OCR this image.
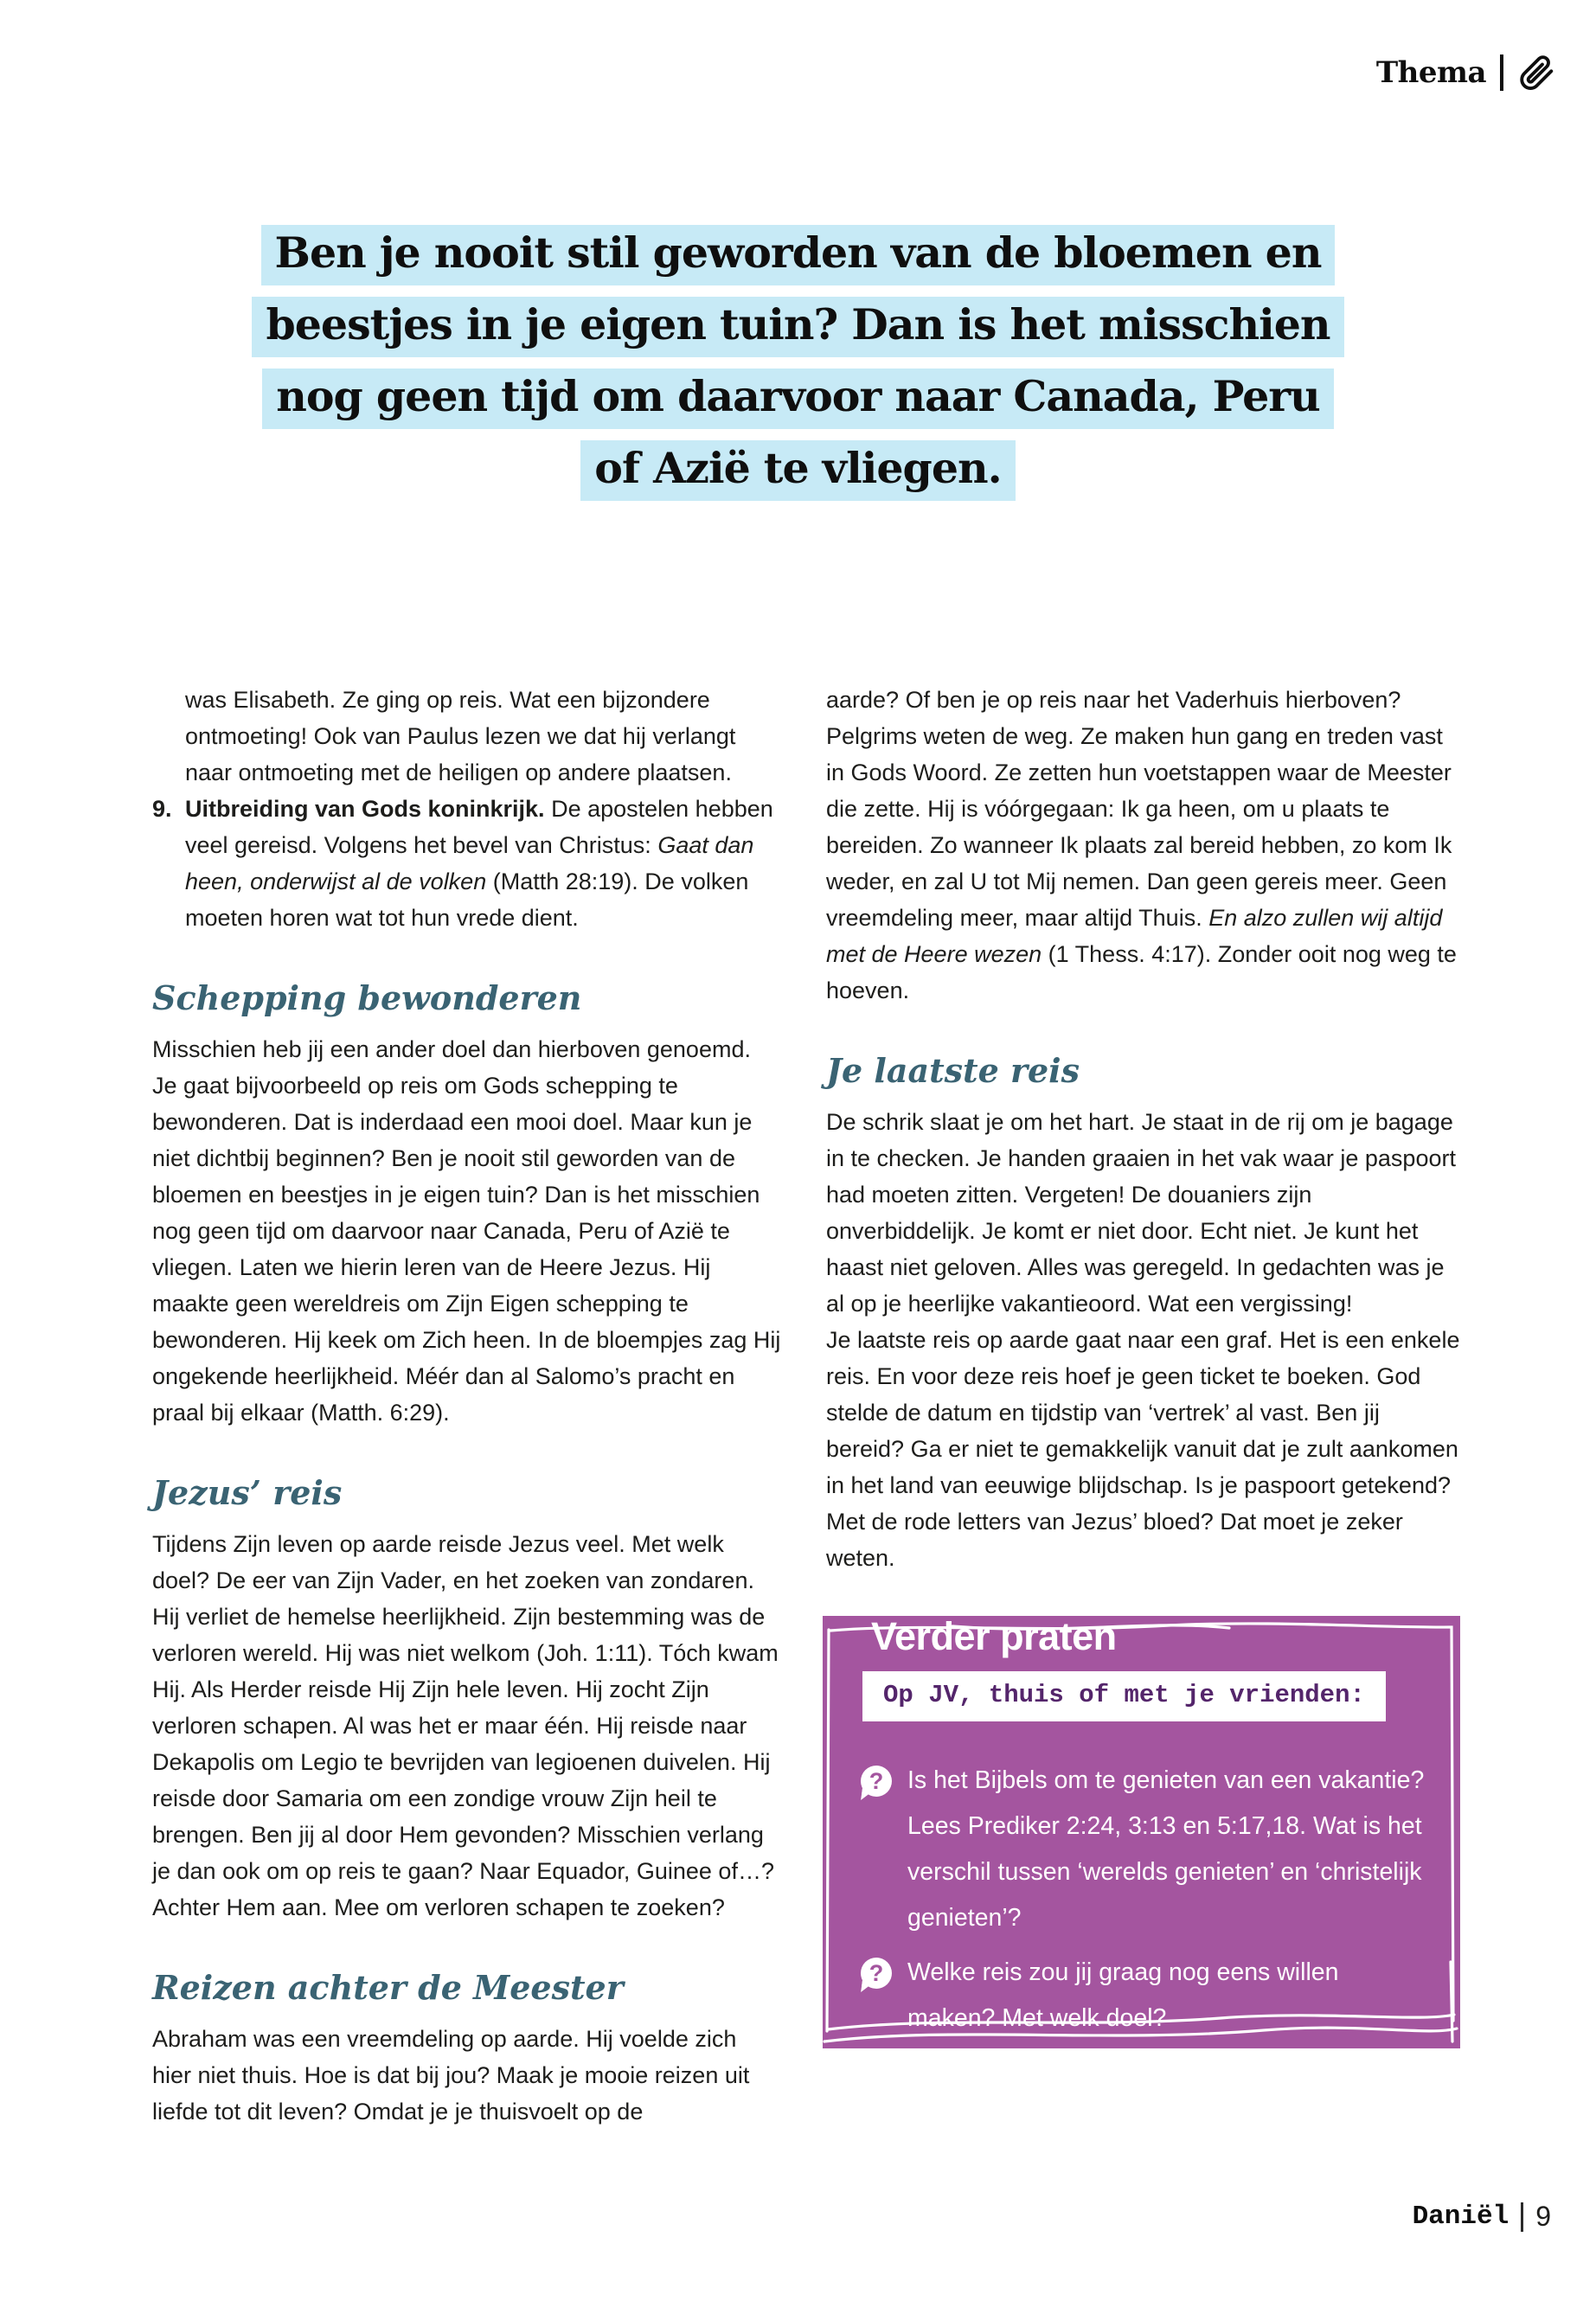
Thema
Ben je nooit stil geworden van de bloemen en
beestjes in je eigen tuin? Dan is het misschien
nog geen tijd om daarvoor naar Canada, Peru
of Azië te vliegen.

was Elisabeth. Ze ging op reis. Wat een bijzondere ontmoeting! Ook van Paulus lezen we dat hij verlangt naar ontmoeting met de heiligen op andere plaatsen.

9. Uitbreiding van Gods koninkrijk. De apostelen hebben veel gereisd. Volgens het bevel van Christus: Gaat dan heen, onderwijst al de volken (Matth 28:19). De volken moeten horen wat tot hun vrede dient.
Schepping bewonderen

Misschien heb jij een ander doel dan hierboven genoemd. Je gaat bijvoorbeeld op reis om Gods schepping te bewonderen. Dat is inderdaad een mooi doel. Maar kun je niet dichtbij beginnen? Ben je nooit stil geworden van de bloemen en beestjes in je eigen tuin? Dan is het misschien nog geen tijd om daarvoor naar Canada, Peru of Azië te vliegen. Laten we hierin leren van de Heere Jezus. Hij maakte geen wereldreis om Zijn Eigen schepping te bewonderen. Hij keek om Zich heen. In de bloempjes zag Hij ongekende heerlijkheid. Méér dan al Salomo’s pracht en praal bij elkaar (Matth. 6:29).

Jezus’ reis

Tijdens Zijn leven op aarde reisde Jezus veel. Met welk doel? De eer van Zijn Vader, en het zoeken van zondaren. Hij verliet de hemelse heerlijkheid. Zijn bestemming was de verloren wereld. Hij was niet welkom (Joh. 1:11). Tóch kwam Hij. Als Herder reisde Hij Zijn hele leven. Hij zocht Zijn verloren schapen. Al was het er maar één. Hij reisde naar Dekapolis om Legio te bevrijden van legioenen duivelen. Hij reisde door Samaria om een zondige vrouw Zijn heil te brengen. Ben jij al door Hem gevonden? Misschien verlang je dan ook om op reis te gaan? Naar Equador, Guinee of…? Achter Hem aan. Mee om verloren schapen te zoeken?

Reizen achter de Meester

Abraham was een vreemdeling op aarde. Hij voelde zich hier niet thuis. Hoe is dat bij jou? Maak je mooie reizen uit liefde tot dit leven? Omdat je je thuisvoelt op de

aarde? Of ben je op reis naar het Vaderhuis hierboven? Pelgrims weten de weg. Ze maken hun gang en treden vast in Gods Woord. Ze zetten hun voetstappen waar de Meester die zette. Hij is vóórgegaan: Ik ga heen, om u plaats te bereiden. Zo wanneer Ik plaats zal bereid hebben, zo kom Ik weder, en zal U tot Mij nemen. Dan geen gereis meer. Geen vreemdeling meer, maar altijd Thuis. En alzo zullen wij altijd met de Heere wezen (1 Thess. 4:17). Zonder ooit nog weg te hoeven.

Je laatste reis

De schrik slaat je om het hart. Je staat in de rij om je bagage in te checken. Je handen graaien in het vak waar je paspoort had moeten zitten. Vergeten! De douaniers zijn onverbiddelijk. Je komt er niet door. Echt niet. Je kunt het haast niet geloven. Alles was geregeld. In gedachten was je al op je heerlijke vakantieoord. Wat een vergissing!

Je laatste reis op aarde gaat naar een graf. Het is een enkele reis. En voor deze reis hoef je geen ticket te boeken. God stelde de datum en tijdstip van ‘vertrek’ al vast. Ben jij bereid? Ga er niet te gemakkelijk vanuit dat je zult aankomen in het land van eeuwige blijdschap. Is je paspoort getekend? Met de rode letters van Jezus’ bloed? Dat moet je zeker weten.

Verder praten
Op JV, thuis of met je vrienden:
? Is het Bijbels om te genieten van een vakantie? Lees Prediker 2:24, 3:13 en 5:17,18. Wat is het verschil tussen ‘werelds genieten’ en ‘christelijk genieten’?
? Welke reis zou jij graag nog eens willen maken? Met welk doel?
Daniël 9
